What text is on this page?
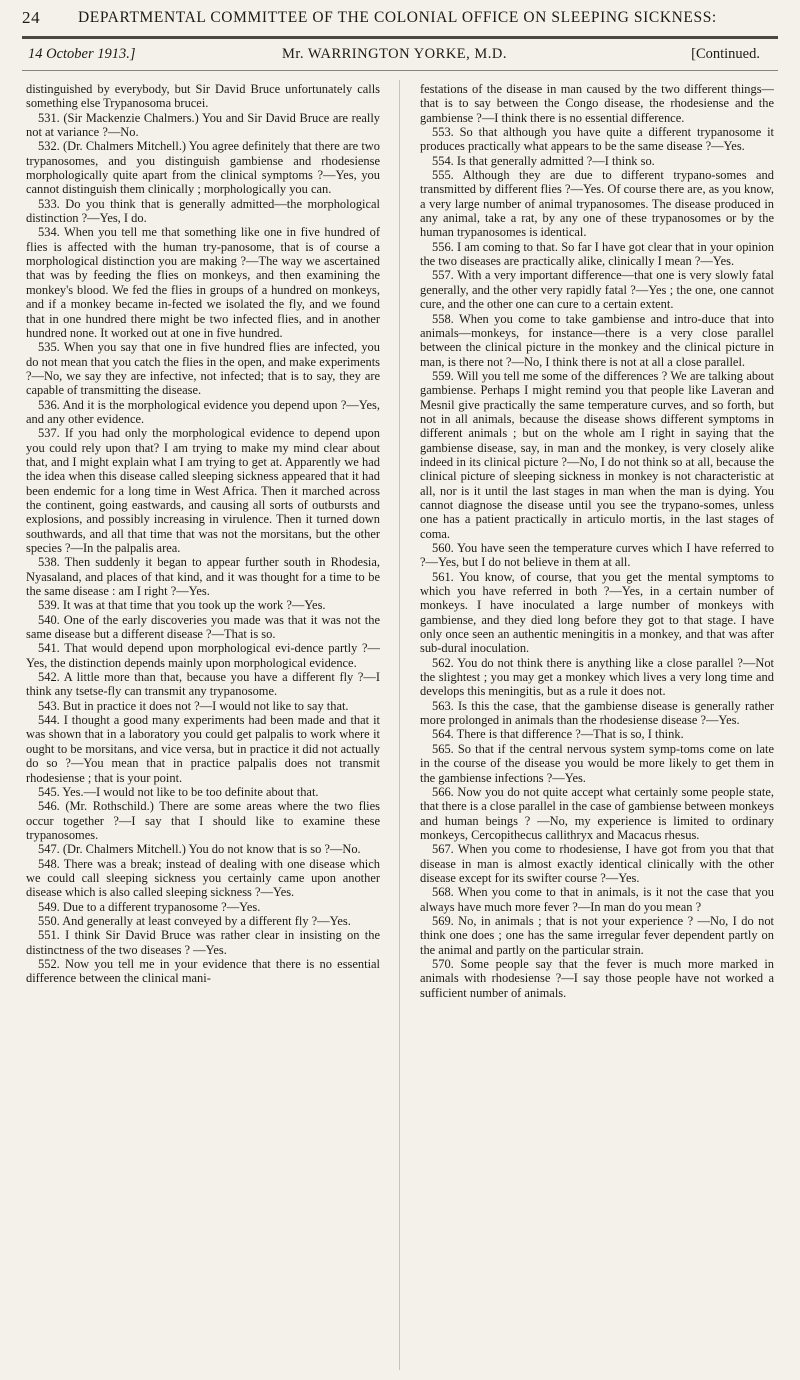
24 DEPARTMENTAL COMMITTEE OF THE COLONIAL OFFICE ON SLEEPING SICKNESS:
14 October 1913.]	Mr. WARRINGTON YORKE, M.D.	[Continued.

distinguished by everybody, but Sir David Bruce unfortunately calls something else Trypanosoma brucei.

531. (Sir Mackenzie Chalmers.) You and Sir David Bruce are really not at variance ?—No.

532. (Dr. Chalmers Mitchell.) You agree definitely that there are two trypanosomes, and you distinguish gambiense and rhodesiense morphologically quite apart from the clinical symptoms ?—Yes, you cannot distinguish them clinically ; morphologically you can.

533. Do you think that is generally admitted—the morphological distinction ?—Yes, I do.

534. When you tell me that something like one in five hundred of flies is affected with the human try-panosome, that is of course a morphological distinction you are making ?—The way we ascertained that was by feeding the flies on monkeys, and then examining the monkey's blood. We fed the flies in groups of a hundred on monkeys, and if a monkey became in-fected we isolated the fly, and we found that in one hundred there might be two infected flies, and in another hundred none. It worked out at one in five hundred.

535. When you say that one in five hundred flies are infected, you do not mean that you catch the flies in the open, and make experiments ?—No, we say they are infective, not infected; that is to say, they are capable of transmitting the disease.

536. And it is the morphological evidence you depend upon ?—Yes, and any other evidence.

537. If you had only the morphological evidence to depend upon you could rely upon that? I am trying to make my mind clear about that, and I might explain what I am trying to get at. Apparently we had the idea when this disease called sleeping sickness appeared that it had been endemic for a long time in West Africa. Then it marched across the continent, going eastwards, and causing all sorts of outbursts and explosions, and possibly increasing in virulence. Then it turned down southwards, and all that time that was not the morsitans, but the other species ?—In the palpalis area.

538. Then suddenly it began to appear further south in Rhodesia, Nyasaland, and places of that kind, and it was thought for a time to be the same disease : am I right ?—Yes.

539. It was at that time that you took up the work ?—Yes.

540. One of the early discoveries you made was that it was not the same disease but a different disease ?—That is so.

541. That would depend upon morphological evi-dence partly ?—Yes, the distinction depends mainly upon morphological evidence.

542. A little more than that, because you have a different fly ?—I think any tsetse-fly can transmit any trypanosome.

543. But in practice it does not ?—I would not like to say that.

544. I thought a good many experiments had been made and that it was shown that in a laboratory you could get palpalis to work where it ought to be morsitans, and vice versa, but in practice it did not actually do so ?—You mean that in practice palpalis does not transmit rhodesiense ; that is your point.

545. Yes.—I would not like to be too definite about that.

546. (Mr. Rothschild.) There are some areas where the two flies occur together ?—I say that I should like to examine these trypanosomes.

547. (Dr. Chalmers Mitchell.) You do not know that is so ?—No.

548. There was a break; instead of dealing with one disease which we could call sleeping sickness you certainly came upon another disease which is also called sleeping sickness ?—Yes.

549. Due to a different trypanosome ?—Yes.

550. And generally at least conveyed by a different fly ?—Yes.

551. I think Sir David Bruce was rather clear in insisting on the distinctness of the two diseases ? —Yes.

552. Now you tell me in your evidence that there is no essential difference between the clinical mani-

festations of the disease in man caused by the two different things—that is to say between the Congo disease, the rhodesiense and the gambiense ?—I think there is no essential difference.

553. So that although you have quite a different trypanosome it produces practically what appears to be the same disease ?—Yes.

554. Is that generally admitted ?—I think so.

555. Although they are due to different trypano-somes and transmitted by different flies ?—Yes. Of course there are, as you know, a very large number of animal trypanosomes. The disease produced in any animal, take a rat, by any one of these trypanosomes or by the human trypanosomes is identical.

556. I am coming to that. So far I have got clear that in your opinion the two diseases are practically alike, clinically I mean ?—Yes.

557. With a very important difference—that one is very slowly fatal generally, and the other very rapidly fatal ?—Yes ; the one, one cannot cure, and the other one can cure to a certain extent.

558. When you come to take gambiense and intro-duce that into animals—monkeys, for instance—there is a very close parallel between the clinical picture in the monkey and the clinical picture in man, is there not ?—No, I think there is not at all a close parallel.

559. Will you tell me some of the differences ? We are talking about gambiense. Perhaps I might remind you that people like Laveran and Mesnil give practically the same temperature curves, and so forth, but not in all animals, because the disease shows different symptoms in different animals ; but on the whole am I right in saying that the gambiense disease, say, in man and the monkey, is very closely alike indeed in its clinical picture ?—No, I do not think so at all, because the clinical picture of sleeping sickness in monkey is not characteristic at all, nor is it until the last stages in man when the man is dying. You cannot diagnose the disease until you see the trypano-somes, unless one has a patient practically in articulo mortis, in the last stages of coma.

560. You have seen the temperature curves which I have referred to ?—Yes, but I do not believe in them at all.

561. You know, of course, that you get the mental symptoms to which you have referred in both ?—Yes, in a certain number of monkeys. I have inoculated a large number of monkeys with gambiense, and they died long before they got to that stage. I have only once seen an authentic meningitis in a monkey, and that was after sub-dural inoculation.

562. You do not think there is anything like a close parallel ?—Not the slightest ; you may get a monkey which lives a very long time and develops this meningitis, but as a rule it does not.

563. Is this the case, that the gambiense disease is generally rather more prolonged in animals than the rhodesiense disease ?—Yes.

564. There is that difference ?—That is so, I think.

565. So that if the central nervous system symp-toms come on late in the course of the disease you would be more likely to get them in the gambiense infections ?—Yes.

566. Now you do not quite accept what certainly some people state, that there is a close parallel in the case of gambiense between monkeys and human beings ? —No, my experience is limited to ordinary monkeys, Cercopithecus callithryx and Macacus rhesus.

567. When you come to rhodesiense, I have got from you that that disease in man is almost exactly identical clinically with the other disease except for its swifter course ?—Yes.

568. When you come to that in animals, is it not the case that you always have much more fever ?—In man do you mean ?

569. No, in animals ; that is not your experience ? —No, I do not think one does ; one has the same irregular fever dependent partly on the animal and partly on the particular strain.

570. Some people say that the fever is much more marked in animals with rhodesiense ?—I say those people have not worked a sufficient number of animals.
